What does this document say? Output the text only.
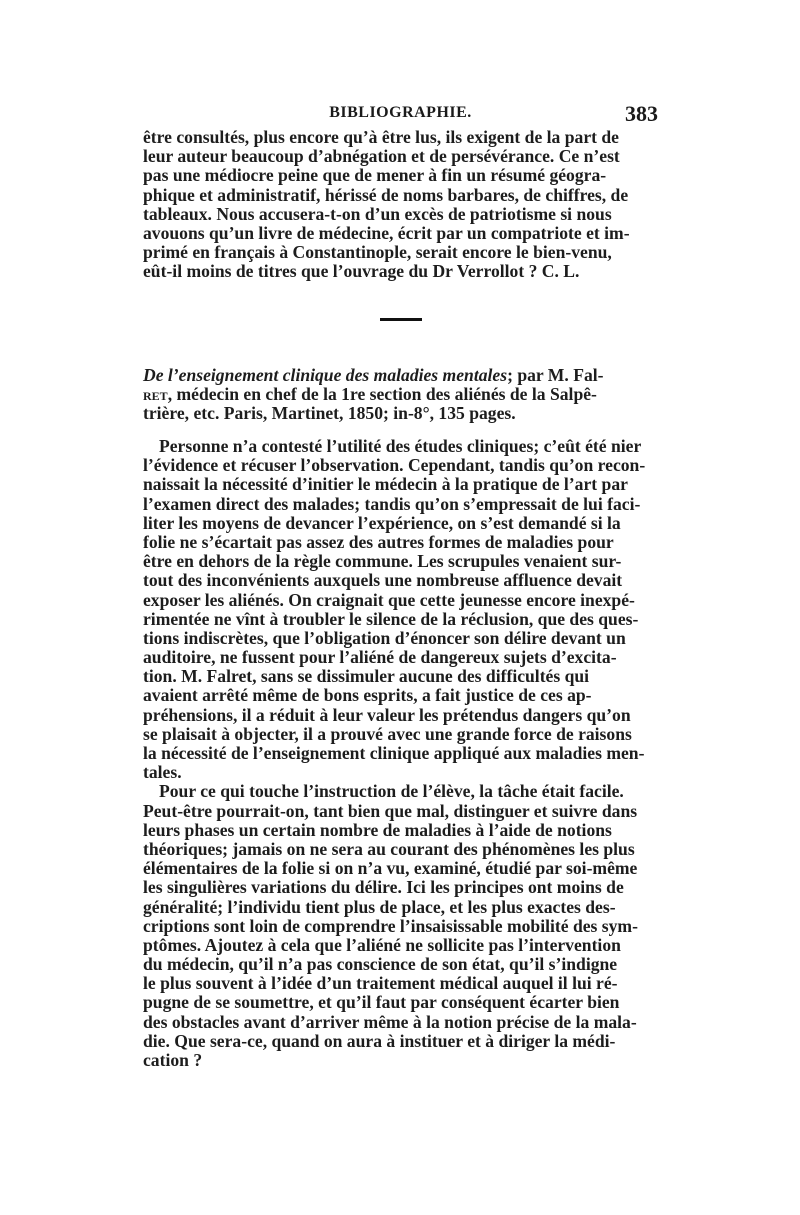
BIBLIOGRAPHIE.	383
être consultés, plus encore qu’à être lus, ils exigent de la part de
leur auteur beaucoup d’abnégation et de persévérance. Ce n’est
pas une médiocre peine que de mener à fin un résumé géogra-
phique et administratif, hérissé de noms barbares, de chiffres, de
tableaux. Nous accusera-t-on d’un excès de patriotisme si nous
avouons qu’un livre de médecine, écrit par un compatriote et im-
primé en français à Constantinople, serait encore le bien-venu,
eût-il moins de titres que l’ouvrage du Dr Verrollot ? C. L.
De l’enseignement clinique des maladies mentales; par M. Fal-
ret, médecin en chef de la 1re section des aliénés de la Salpê-
trière, etc. Paris, Martinet, 1850; in-8°, 135 pages.
Personne n’a contesté l’utilité des études cliniques; c’eût été nier
l’évidence et récuser l’observation. Cependant, tandis qu’on recon-
naissait la nécessité d’initier le médecin à la pratique de l’art par
l’examen direct des malades; tandis qu’on s’empressait de lui faci-
liter les moyens de devancer l’expérience, on s’est demandé si la
folie ne s’écartait pas assez des autres formes de maladies pour
être en dehors de la règle commune. Les scrupules venaient sur-
tout des inconvénients auxquels une nombreuse affluence devait
exposer les aliénés. On craignait que cette jeunesse encore inexpé-
rimentée ne vînt à troubler le silence de la réclusion, que des ques-
tions indiscrètes, que l’obligation d’énoncer son délire devant un
auditoire, ne fussent pour l’aliéné de dangereux sujets d’excita-
tion. M. Falret, sans se dissimuler aucune des difficultés qui
avaient arrêté même de bons esprits, a fait justice de ces ap-
préhensions, il a réduit à leur valeur les prétendus dangers qu’on
se plaisait à objecter, il a prouvé avec une grande force de raisons
la nécessité de l’enseignement clinique appliqué aux maladies men-
tales.
Pour ce qui touche l’instruction de l’élève, la tâche était facile.
Peut-être pourrait-on, tant bien que mal, distinguer et suivre dans
leurs phases un certain nombre de maladies à l’aide de notions
théoriques; jamais on ne sera au courant des phénomènes les plus
élémentaires de la folie si on n’a vu, examiné, étudié par soi-même
les singulières variations du délire. Ici les principes ont moins de
généralité; l’individu tient plus de place, et les plus exactes des-
criptions sont loin de comprendre l’insaisissable mobilité des sym-
ptômes. Ajoutez à cela que l’aliéné ne sollicite pas l’intervention
du médecin, qu’il n’a pas conscience de son état, qu’il s’indigne
le plus souvent à l’idée d’un traitement médical auquel il lui ré-
pugne de se soumettre, et qu’il faut par conséquent écarter bien
des obstacles avant d’arriver même à la notion précise de la mala-
die. Que sera-ce, quand on aura à instituer et à diriger la médi-
cation ?
